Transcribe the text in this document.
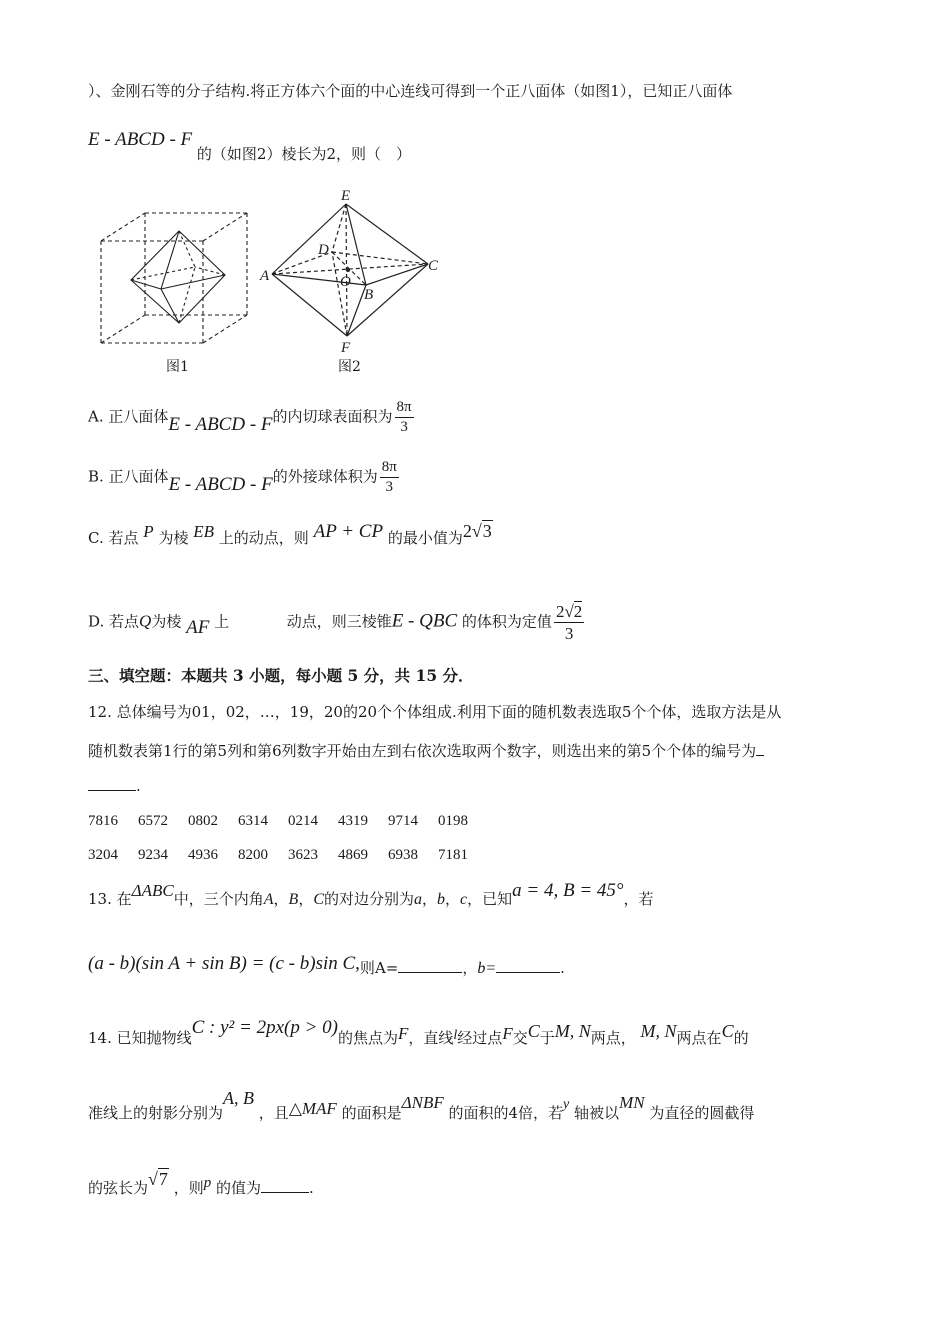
）、金刚石等的分子结构.将正方体六个面的中心连线可得到一个正八面体（如图1），已知正八面体
E - ABCD - F 的（如图2）棱长为2，则（　）
图1
E
F
A
B
C
D
O
图2
A. 正八面体E - ABCD - F的内切球表面积为 $\frac{8\pi}{3}$
B. 正八面体E - ABCD - F的外接球体积为 $\frac{8\pi}{3}$
C. 若点 P 为棱 EB 上的动点，则 AP + CP 的最小值为2√3
D. 若点Q为棱 AF 上	动点，则三棱锥E - QBC 的体积为定值 $\frac{2√2}{3}$
三、填空题：本题共 3 小题，每小题 5 分，共 15 分．
12. 总体编号为01，02，…，19，20的20个个体组成.利用下面的随机数表选取5个个体，选取方法是从
随机数表第1行的第5列和第6列数字开始由左到右依次选取两个数字，则选出来的第5个个体的编号为
.
7816 6572 0802 6314 0214 4319 9714 0198
3204 9234 4936 8200 3623 4869 6938 7181
13. 在ΔABC中，三个内角A，B，C的对边分别为a，b，c，已知a = 4, B = 45°，若
(a - b)(sin A + sin B) = (c - b)sin C,则A=	，b=	.
14. 已知抛物线C : y² = 2px(p > 0)的焦点为F，直线l经过点F交C于M, N两点， M, N两点在C的
准线上的射影分别为A, B ，且△MAF 的面积是ΔNBF 的面积的4倍，若y 轴被以MN 为直径的圆截得
的弦长为√7 ，则p 的值为	.
